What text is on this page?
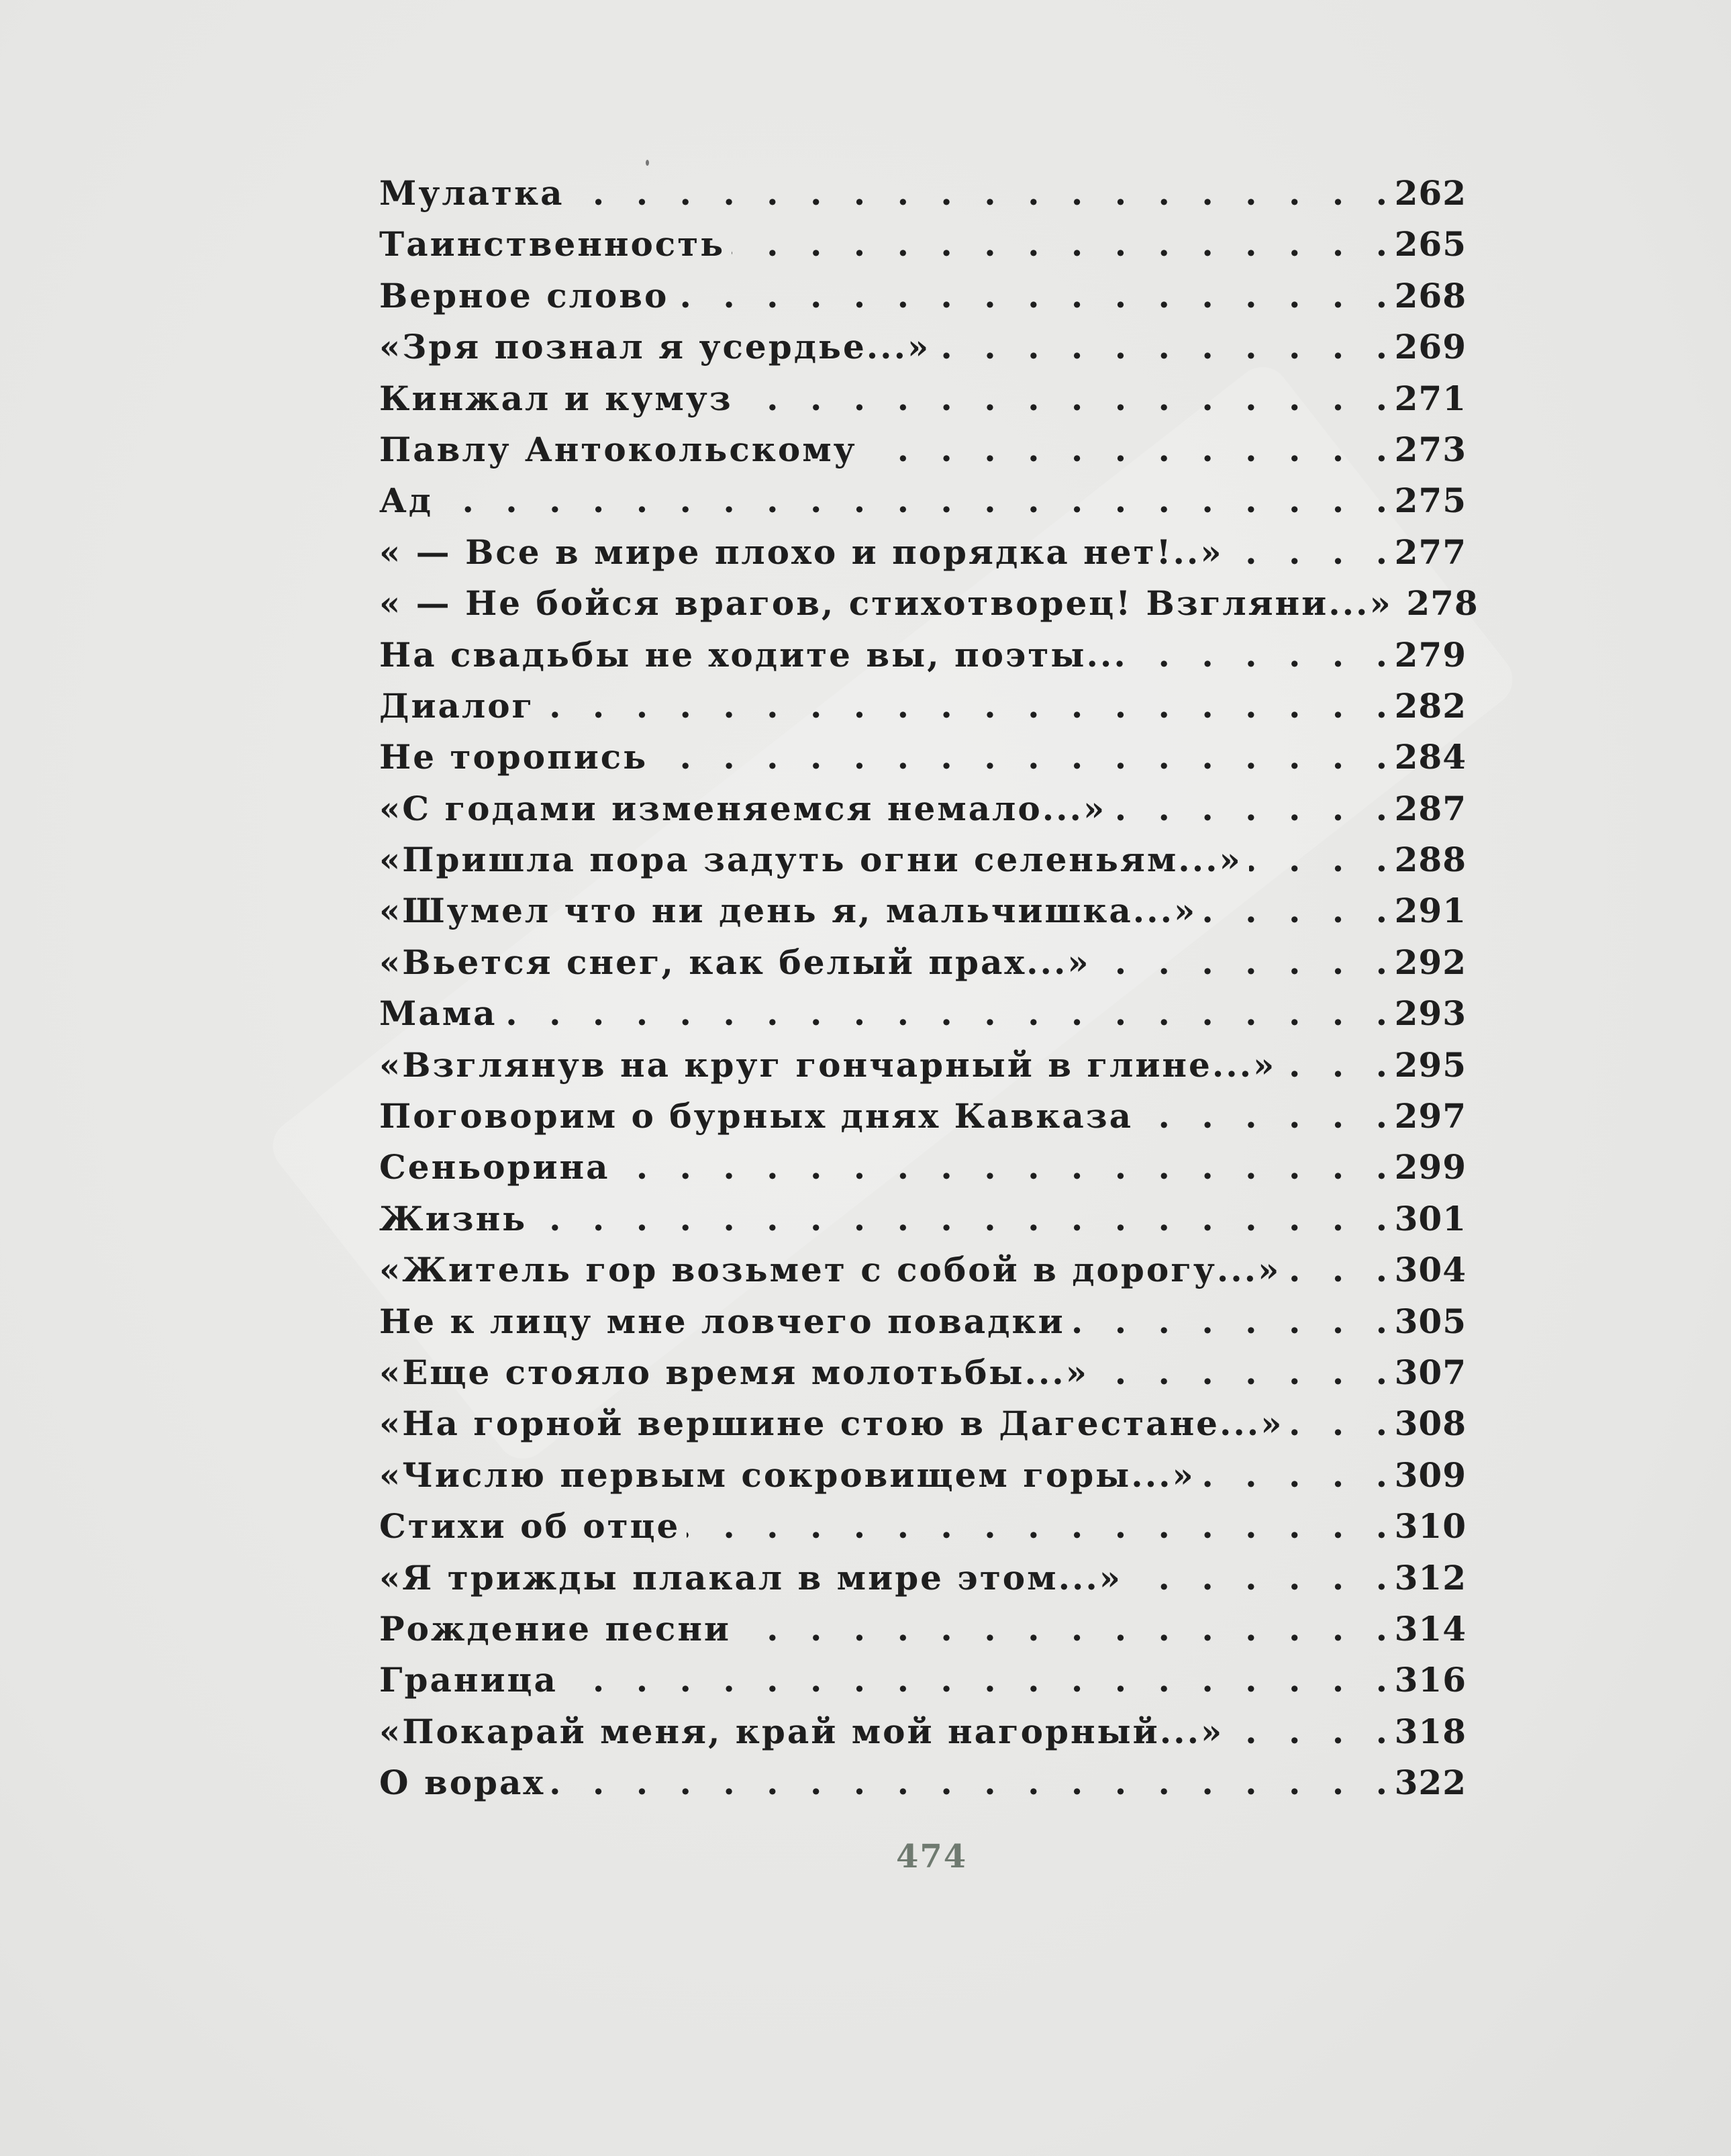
Мулатка . . .	262
Таинственность . . .	265
Верное слово . . .	268
«Зря познал я усердье...» . . .	269
Кинжал и кумуз . . .	271
Павлу Антокольскому . . .	273
Ад . . .	275
« — Все в мире плохо и порядка нет!..» . . .	277
« — Не бойся врагов, стихотворец! Взгляни...» 278
На свадьбы не ходите вы, поэты... . . .	279
Диалог . . .	282
Не торопись . . .	284
«С годами изменяемся немало...» . . .	287
«Пришла пора задуть огни селеньям...» . . .	288
«Шумел что ни день я, мальчишка...» . . .	291
«Вьется снег, как белый прах...» . . .	292
Мама . . .	293
«Взглянув на круг гончарный в глине...» . . .	295
Поговорим о бурных днях Кавказа . . .	297
Сеньорина . . .	299
Жизнь . . .	301
«Житель гор возьмет с собой в дорогу...» . . .	304
Не к лицу мне ловчего повадки . . .	305
«Еще стояло время молотьбы...» . . .	307
«На горной вершине стою в Дагестане...» . . .	308
«Числю первым сокровищем горы...» . . .	309
Стихи об отце . . .	310
«Я трижды плакал в мире этом...» . . .	312
Рождение песни . . .	314
Граница . . .	316
«Покарай меня, край мой нагорный...» . . .	318
О ворах . . .	322
474
